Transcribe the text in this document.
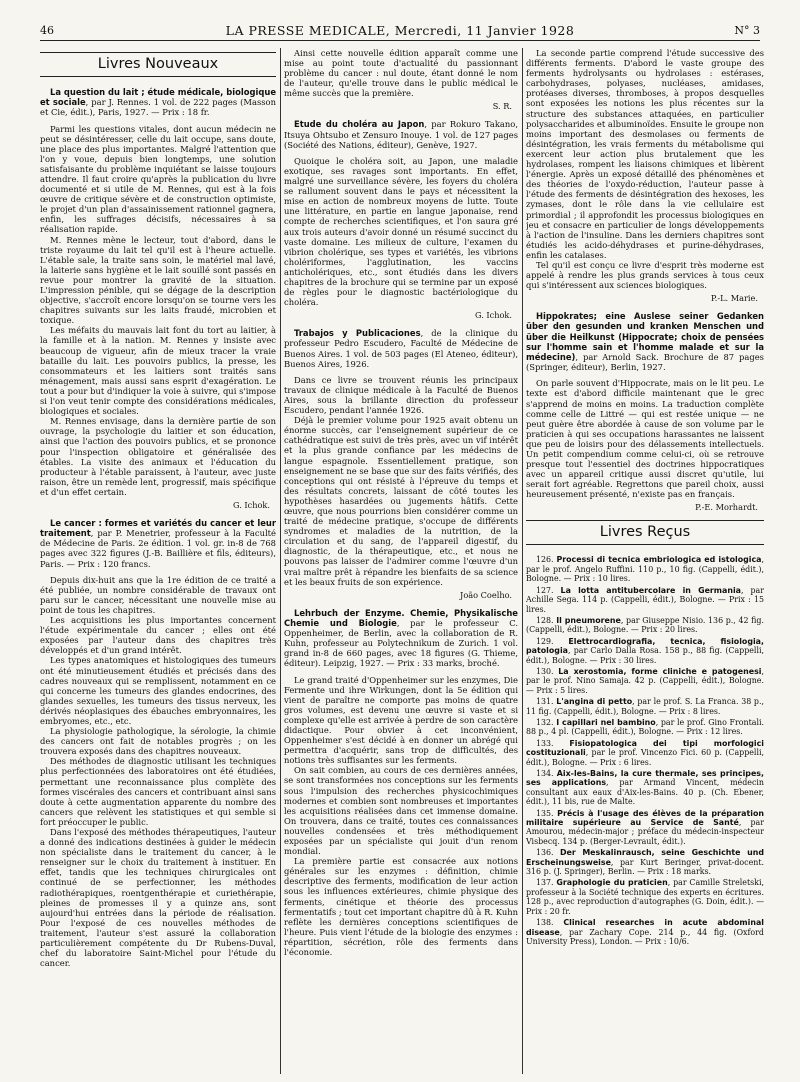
46	LA PRESSE MEDICALE, Mercredi, 11 Janvier 1928	N° 3
Livres Nouveaux

La question du lait ; étude médicale, biologique et sociale, par J. Rennes. 1 vol. de 222 pages (Masson et Cie, édit.), Paris, 1927. — Prix : 18 fr.

Parmi les questions vitales, dont aucun médecin ne peut se désintéresser, celle du lait occupe, sans doute, une place des plus importantes. Malgré l'attention que l'on y voue, depuis bien longtemps, une solution satisfaisante du problème inquiétant se laisse toujours attendre. Il faut croire qu'après la publication du livre documenté et si utile de M. Rennes, qui est à la fois œuvre de critique sévère et de construction optimiste, le projet d'un plan d'assainissement rationnel gagnera, enfin, les suffrages décisifs, nécessaires à sa réalisation rapide.

M. Rennes mène le lecteur, tout d'abord, dans le triste royaume du lait tel qu'il est à l'heure actuelle. L'étable sale, la traite sans soin, le matériel mal lavé, la laiterie sans hygiène et le lait souillé sont passés en revue pour montrer la gravité de la situation. L'impression pénible, qui se dégage de la description objective, s'accroît encore lorsqu'on se tourne vers les chapitres suivants sur les laits fraudé, microbien et toxique.

Les méfaits du mauvais lait font du tort au laitier, à la famille et à la nation. M. Rennes y insiste avec beaucoup de vigueur, afin de mieux tracer la vraie bataille du lait. Les pouvoirs publics, la presse, les consommateurs et les laitiers sont traités sans ménagement, mais aussi sans esprit d'exagération. Le tout a pour but d'indiquer la voie à suivre, qui s'impose si l'on veut tenir compte des considérations médicales, biologiques et sociales.

M. Rennes envisage, dans la dernière partie de son ouvrage, la psychologie du laitier et son éducation, ainsi que l'action des pouvoirs publics, et se prononce pour l'inspection obligatoire et généralisée des étables. La visite des animaux et l'éducation du producteur à l'étable paraissent, à l'auteur, avec juste raison, être un remède lent, progressif, mais spécifique et d'un effet certain.

G. Ichok.

Le cancer : formes et variétés du cancer et leur traitement, par P. Menetrier, professeur à la Faculté de Médecine de Paris. 2e édition. 1 vol. gr. in-8 de 768 pages avec 322 figures (J.-B. Baillière et fils, éditeurs), Paris. — Prix : 120 francs.

Depuis dix-huit ans que la 1re édition de ce traité a été publiée, un nombre considérable de travaux ont paru sur le cancer, nécessitant une nouvelle mise au point de tous les chapitres.

Les acquisitions les plus importantes concernent l'étude expérimentale du cancer ; elles ont été exposées par l'auteur dans des chapitres très développés et d'un grand intérêt.

Les types anatomiques et histologiques des tumeurs ont été minutieusement étudiés et précisés dans des cadres nouveaux qui se remplissent, notamment en ce qui concerne les tumeurs des glandes endocrines, des glandes sexuelles, les tumeurs des tissus nerveux, les dérivés néoplasiques des ébauches embryonnaires, les embryomes, etc., etc.

La physiologie pathologique, la sérologie, la chimie des cancers ont fait de notables progrès ; on les trouvera exposés dans des chapitres nouveaux.

Des méthodes de diagnostic utilisant les techniques plus perfectionnées des laboratoires ont été étudiées, permettant une reconnaissance plus complète des formes viscérales des cancers et contribuant ainsi sans doute à cette augmentation apparente du nombre des cancers que relèvent les statistiques et qui semble si fort préoccuper le public.

Dans l'exposé des méthodes thérapeutiques, l'auteur a donné des indications destinées à guider le médecin non spécialiste dans le traitement du cancer, à le renseigner sur le choix du traitement à instituer. En effet, tandis que les techniques chirurgicales ont continué de se perfectionner, les méthodes radiothérapiques, roentgenthérapie et curiethérapie, pleines de promesses il y a quinze ans, sont aujourd'hui entrées dans la période de réalisation. Pour l'exposé de ces nouvelles méthodes de traitement, l'auteur s'est assuré la collaboration particulièrement compétente du Dr Rubens-Duval, chef du laboratoire Saint-Michel pour l'étude du cancer.

Ainsi cette nouvelle édition apparaît comme une mise au point toute d'actualité du passionnant problème du cancer : nul doute, étant donné le nom de l'auteur, qu'elle trouve dans le public médical le même succès que la première.

S. R.

Etude du choléra au Japon, par Rokuro Takano, Itsuya Ohtsubo et Zensuro Inouye. 1 vol. de 127 pages (Société des Nations, éditeur), Genève, 1927.

Quoique le choléra soit, au Japon, une maladie exotique, ses ravages sont importants. En effet, malgré une surveillance sévère, les foyers du choléra se rallument souvent dans le pays et nécessitent la mise en action de nombreux moyens de lutte. Toute une littérature, en partie en langue japonaise, rend compte de recherches scientifiques, et l'on saura gré aux trois auteurs d'avoir donné un résumé succinct du vaste domaine. Les milieux de culture, l'examen du vibrion cholérique, ses types et variétés, les vibrions cholériformes, l'agglutination, les vaccins anticholériques, etc., sont étudiés dans les divers chapitres de la brochure qui se termine par un exposé de règles pour le diagnostic bactériologique du choléra.

G. Ichok.

Trabajos y Publicaciones, de la clinique du professeur Pedro Escudero, Faculté de Médecine de Buenos Aires. 1 vol. de 503 pages (El Ateneo, éditeur), Buenos Aires, 1926.

Dans ce livre se trouvent réunis les principaux travaux de clinique médicale à la Faculté de Buenos Aires, sous la brillante direction du professeur Escudero, pendant l'année 1926.

Déjà le premier volume pour 1925 avait obtenu un énorme succès, car l'enseignement supérieur de ce cathédratique est suivi de très près, avec un vif intérêt et la plus grande confiance par les médecins de langue espagnole. Essentiellement pratique, son enseignement ne se base que sur des faits vérifiés, des conceptions qui ont résisté à l'épreuve du temps et des résultats concrets, laissant de côté toutes les hypothèses hasardées ou jugements hâtifs. Cette œuvre, que nous pourrions bien considérer comme un traité de médecine pratique, s'occupe de différents syndromes et maladies de la nutrition, de la circulation et du sang, de l'appareil digestif, du diagnostic, de la thérapeutique, etc., et nous ne pouvons pas laisser de l'admirer comme l'œuvre d'un vrai maître prêt à répandre les bienfaits de sa science et les beaux fruits de son expérience.

João Coelho.

Lehrbuch der Enzyme. Chemie, Physikalische Chemie und Biologie, par le professeur C. Oppenheimer, de Berlin, avec la collaboration de R. Kuhn, professeur au Polytechnikum de Zurich. 1 vol. grand in-8 de 660 pages, avec 18 figures (G. Thieme, éditeur). Leipzig, 1927. — Prix : 33 marks, broché.

Le grand traité d'Oppenheimer sur les enzymes, Die Fermente und ihre Wirkungen, dont la 5e édition qui vient de paraître ne comporte pas moins de quatre gros volumes, est devenu une œuvre si vaste et si complexe qu'elle est arrivée à perdre de son caractère didactique. Pour obvier à cet inconvénient, Oppenheimer s'est décidé à en donner un abrégé qui permettra d'acquérir, sans trop de difficultés, des notions très suffisantes sur les ferments.

On sait combien, au cours de ces dernières années, se sont transformées nos conceptions sur les ferments sous l'impulsion des recherches physicochimiques modernes et combien sont nombreuses et importantes les acquisitions réalisées dans cet immense domaine. On trouvera, dans ce traité, toutes ces connaissances nouvelles condensées et très méthodiquement exposées par un spécialiste qui jouit d'un renom mondial.

La première partie est consacrée aux notions générales sur les enzymes : définition, chimie descriptive des ferments, modification de leur action sous les influences extérieures, chimie physique des ferments, cinétique et théorie des processus fermentatifs ; tout cet important chapitre dû à R. Kuhn reflète les dernières conceptions scientifiques de l'heure. Puis vient l'étude de la biologie des enzymes : répartition, sécrétion, rôle des ferments dans l'économie.

La seconde partie comprend l'étude successive des différents ferments. D'abord le vaste groupe des ferments hydrolysants ou hydrolases : estérases, carbohydrases, polyases, nucléases, amidases, protéases diverses, thromboses, à propos desquelles sont exposées les notions les plus récentes sur la structure des substances attaquées, en particulier polysaccharides et albuminoïdes. Ensuite le groupe non moins important des desmolases ou ferments de désintégration, les vrais ferments du métabolisme qui exercent leur action plus brutalement que les hydrolases, rompent les liaisons chimiques et libèrent l'énergie. Après un exposé détaillé des phénomènes et des théories de l'oxydo-réduction, l'auteur passe à l'étude des ferments de désintégration des hexoses, les zymases, dont le rôle dans la vie cellulaire est primordial ; il approfondit les processus biologiques en jeu et consacre en particulier de longs développements à l'action de l'insuline. Dans les derniers chapitres sont étudiés les acido-déhydrases et purine-déhydrases, enfin les catalases.

Tel qu'il est conçu ce livre d'esprit très moderne est appelé à rendre les plus grands services à tous ceux qui s'intéressent aux sciences biologiques.

P.-L. Marie.

Hippokrates; eine Auslese seiner Gedanken über den gesunden und kranken Menschen und über die Heilkunst (Hippocrate; choix de pensées sur l'homme sain et l'homme malade et sur la médecine), par Arnold Sack. Brochure de 87 pages (Springer, éditeur), Berlin, 1927.

On parle souvent d'Hippocrate, mais on le lit peu. Le texte est d'abord difficile maintenant que le grec s'apprend de moins en moins. La traduction complète comme celle de Littré — qui est restée unique — ne peut guère être abordée à cause de son volume par le praticien à qui ses occupations harassantes ne laissent que peu de loisirs pour des délassements intellectuels. Un petit compendium comme celui-ci, où se retrouve presque tout l'essentiel des doctrines hippocratiques avec un appareil critique aussi discret qu'utile, lui serait fort agréable. Regrettons que pareil choix, aussi heureusement présenté, n'existe pas en français.

P.-E. Morhardt.
Livres Reçus

126. Processi di tecnica embriologica ed istologica, par le prof. Angelo Ruffini. 110 p., 10 fig. (Cappelli, édit.), Bologne. — Prix : 10 lires.

127. La lotta antitubercolare in Germania, par Achille Sega. 114 p. (Cappelli, édit.), Bologne. — Prix : 15 lires.

128. Il pneumorene, par Giuseppe Nisio. 136 p., 42 fig. (Cappelli, édit.), Bologne. — Prix : 20 lires.

129. Elettrocardiografia, tecnica, fisiologia, patologia, par Carlo Dalla Rosa. 158 p., 88 fig. (Cappelli, édit.), Bologne. — Prix : 30 lires.

130. La xerostomia, forme cliniche e patogenesi, par le prof. Nino Samaja. 42 p. (Cappelli, édit.), Bologne. — Prix : 5 lires.

131. L'angina di petto, par le prof. S. La Franca. 38 p., 11 fig. (Cappelli, édit.), Bologne. — Prix : 8 lires.

132. I capillari nel bambino, par le prof. Gino Frontali. 88 p., 4 pl. (Cappelli, édit.), Bologne. — Prix : 12 lires.

133. Fisiopatologica dei tipi morfologici costituzionali, par le prof. Vincenzo Fici. 60 p. (Cappelli, édit.), Bologne. — Prix : 6 lires.

134. Aix-les-Bains, la cure thermale, ses principes, ses applications, par Armand Vincent, médecin consultant aux eaux d'Aix-les-Bains. 40 p. (Ch. Ebener, édit.), 11 bis, rue de Malte.

135. Précis à l'usage des élèves de la préparation militaire supérieure au Service de Santé, par Amourou, médecin-major ; préface du médecin-inspecteur Visbecq. 134 p. (Berger-Levrault, édit.).

136. Der Meskalinrausch, seine Geschichte und Erscheinungsweise, par Kurt Beringer, privat-docent. 316 p. (J. Springer), Berlin. — Prix : 18 marks.

137. Graphologie du praticien, par Camille Streletski, professeur à la Société technique des experts en écritures. 128 p., avec reproduction d'autographes (G. Doin, édit.). — Prix : 20 fr.

138. Clinical researches in acute abdominal disease, par Zachary Cope. 214 p., 44 fig. (Oxford University Press), London. — Prix : 10/6.
